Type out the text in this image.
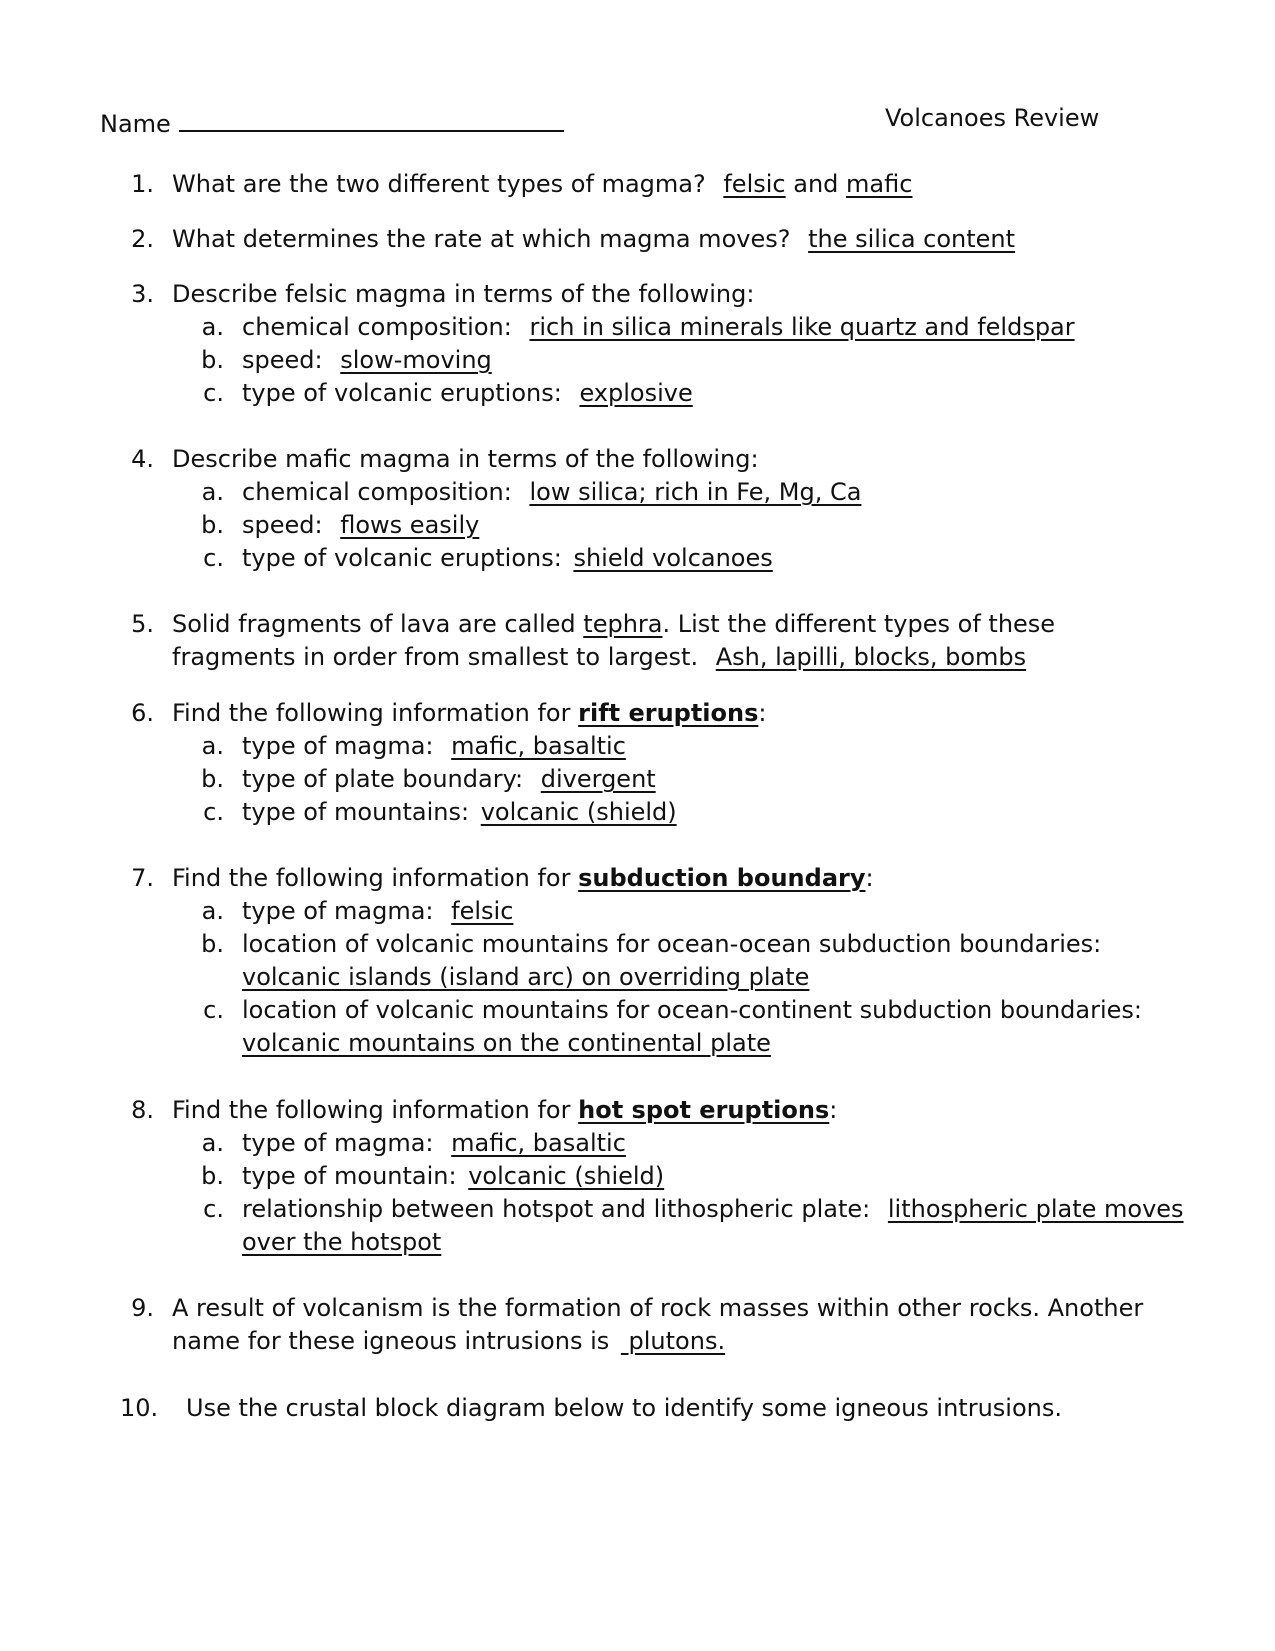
Name	Volcanoes Review
1. What are the two different types of magma? felsic and mafic
2. What determines the rate at which magma moves? the silica content
3. Describe felsic magma in terms of the following:
a. chemical composition: rich in silica minerals like quartz and feldspar
b. speed: slow-moving
c. type of volcanic eruptions: explosive
4. Describe mafic magma in terms of the following:
a. chemical composition: low silica; rich in Fe, Mg, Ca
b. speed: flows easily
c. type of volcanic eruptions: shield volcanoes
5. Solid fragments of lava are called tephra. List the different types of these
fragments in order from smallest to largest. Ash, lapilli, blocks, bombs
6. Find the following information for rift eruptions:
a. type of magma: mafic, basaltic
b. type of plate boundary: divergent
c. type of mountains: volcanic (shield)
7. Find the following information for subduction boundary:
a. type of magma: felsic
b. location of volcanic mountains for ocean-ocean subduction boundaries:
volcanic islands (island arc) on overriding plate
c. location of volcanic mountains for ocean-continent subduction boundaries:
volcanic mountains on the continental plate
8. Find the following information for hot spot eruptions:
a. type of magma: mafic, basaltic
b. type of mountain: volcanic (shield)
c. relationship between hotspot and lithospheric plate: lithospheric plate moves
over the hotspot
9. A result of volcanism is the formation of rock masses within other rocks. Another
name for these igneous intrusions is  plutons.
10.	Use the crustal block diagram below to identify some igneous intrusions.
